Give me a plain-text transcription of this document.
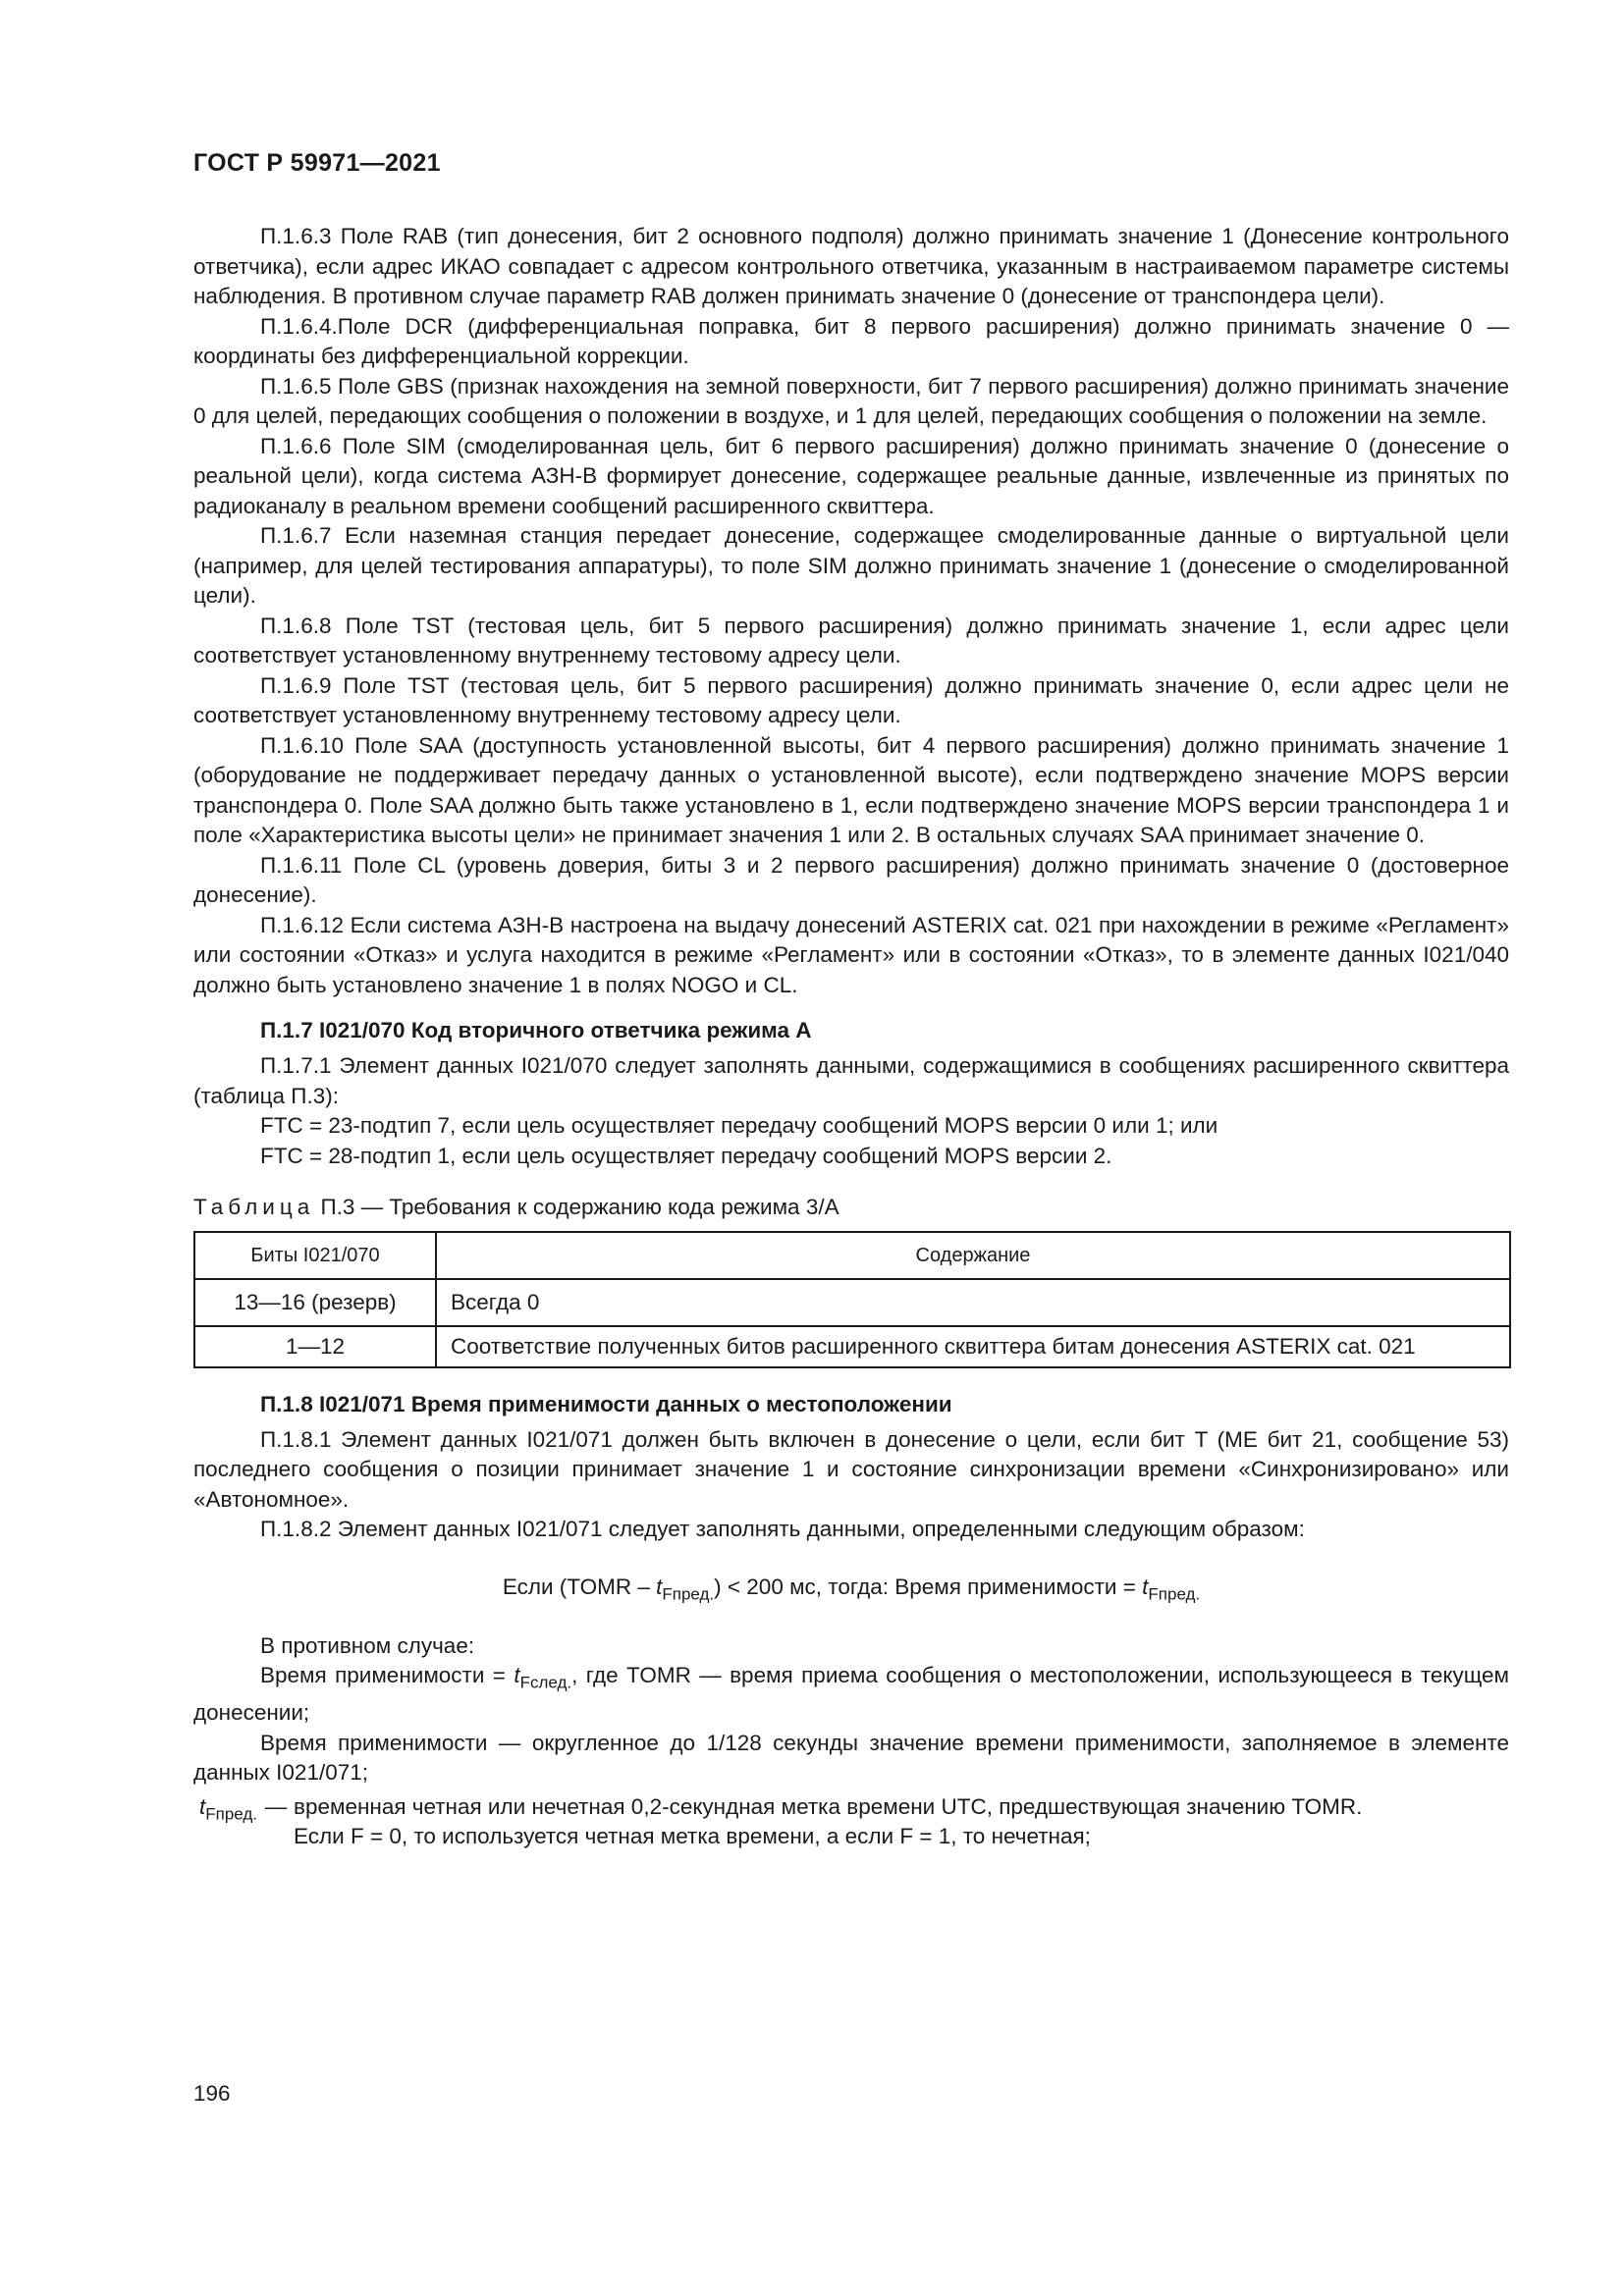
ГОСТ Р 59971—2021

П.1.6.3 Поле RAB (тип донесения, бит 2 основного подполя) должно принимать значение 1 (Донесение контрольного ответчика), если адрес ИКАО совпадает с адресом контрольного ответчика, указанным в настраиваемом параметре системы наблюдения. В противном случае параметр RAB должен принимать значение 0 (донесение от транспондера цели).

П.1.6.4.Поле DCR (дифференциальная поправка, бит 8 первого расширения) должно принимать значение 0 — координаты без дифференциальной коррекции.

П.1.6.5 Поле GBS (признак нахождения на земной поверхности, бит 7 первого расширения) должно принимать значение 0 для целей, передающих сообщения о положении в воздухе, и 1 для целей, передающих сообщения о положении на земле.

П.1.6.6 Поле SIM (смоделированная цель, бит 6 первого расширения) должно принимать значение 0 (донесение о реальной цели), когда система АЗН-В формирует донесение, содержащее реальные данные, извлеченные из принятых по радиоканалу в реальном времени сообщений расширенного сквиттера.

П.1.6.7 Если наземная станция передает донесение, содержащее смоделированные данные о виртуальной цели (например, для целей тестирования аппаратуры), то поле SIM должно принимать значение 1 (донесение о смоделированной цели).

П.1.6.8 Поле TST (тестовая цель, бит 5 первого расширения) должно принимать значение 1, если адрес цели соответствует установленному внутреннему тестовому адресу цели.

П.1.6.9 Поле TST (тестовая цель, бит 5 первого расширения) должно принимать значение 0, если адрес цели не соответствует установленному внутреннему тестовому адресу цели.

П.1.6.10 Поле SAA (доступность установленной высоты, бит 4 первого расширения) должно принимать значение 1 (оборудование не поддерживает передачу данных о установленной высоте), если подтверждено значение MOPS версии транспондера 0. Поле SAA должно быть также установлено в 1, если подтверждено значение MOPS версии транспондера 1 и поле «Характеристика высоты цели» не принимает значения 1 или 2. В остальных случаях SAA принимает значение 0.

П.1.6.11 Поле CL (уровень доверия, биты 3 и 2 первого расширения) должно принимать значение 0 (достоверное донесение).

П.1.6.12 Если система АЗН-В настроена на выдачу донесений ASTERIX cat. 021 при нахождении в режиме «Регламент» или состоянии «Отказ» и услуга находится в режиме «Регламент» или в состоянии «Отказ», то в элементе данных I021/040 должно быть установлено значение 1 в полях NOGO и CL.

П.1.7 I021/070 Код вторичного ответчика режима A

П.1.7.1 Элемент данных I021/070 следует заполнять данными, содержащимися в сообщениях расширенного сквиттера (таблица П.3):

FTC = 23-подтип 7, если цель осуществляет передачу сообщений MOPS версии 0 или 1; или

FTC = 28-подтип 1, если цель осуществляет передачу сообщений MOPS версии 2.

Таблица П.3 — Требования к содержанию кода режима 3/A
Биты I021/070	Содержание
13—16 (резерв)	Всегда 0
1—12	Соответствие полученных битов расширенного сквиттера битам донесения ASTERIX cat. 021
П.1.8 I021/071 Время применимости данных о местоположении

П.1.8.1 Элемент данных I021/071 должен быть включен в донесение о цели, если бит T (ME бит 21, сообщение 53) последнего сообщения о позиции принимает значение 1 и состояние синхронизации времени «Синхронизировано» или «Автономное».

П.1.8.2 Элемент данных I021/071 следует заполнять данными, определенными следующим образом:

Если (TOMR – $t_{Fпред.}) < 200$ мс, тогда: Время применимости = $t_{Fпред.}$

В противном случае:

Время применимости = $t_{Fслед.}$, где TOMR — время приема сообщения о местоположении, использующееся в текущем донесении;

Время применимости — округленное до 1/128 секунды значение времени применимости, заполняемое в элементе данных I021/071;

$t_{Fпред.}$ — временная четная или нечетная 0,2-секундная метка времени UTC, предшествующая значению TOMR.
Если F = 0, то используется четная метка времени, а если F = 1, то нечетная;
196
